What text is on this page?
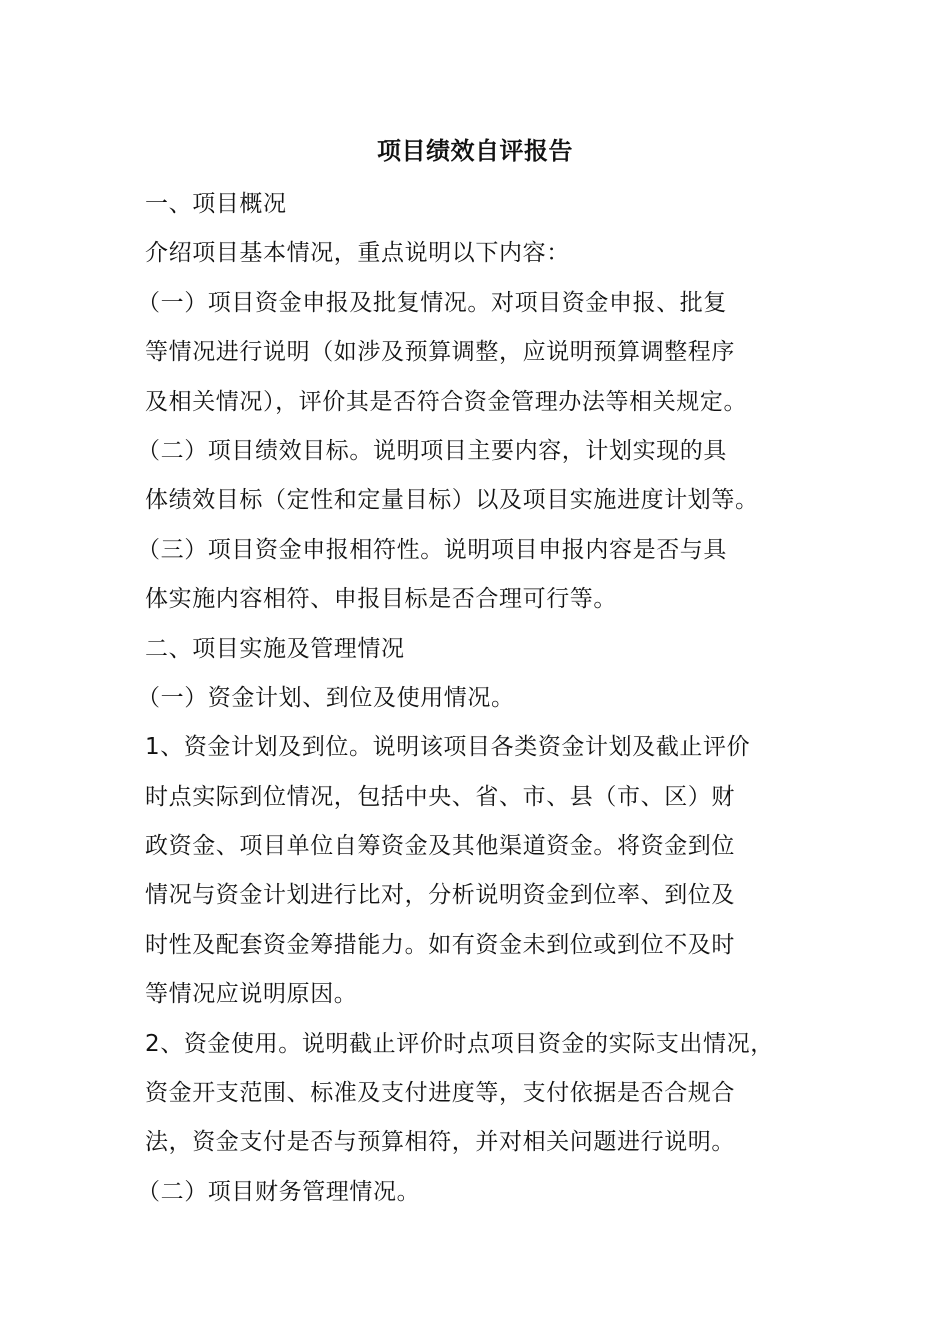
项目绩效自评报告
一、项目概况
介绍项目基本情况，重点说明以下内容：
（一）项目资金申报及批复情况。对项目资金申报、批复
等情况进行说明（如涉及预算调整，应说明预算调整程序
及相关情况），评价其是否符合资金管理办法等相关规定。
（二）项目绩效目标。说明项目主要内容，计划实现的具
体绩效目标（定性和定量目标）以及项目实施进度计划等。
（三）项目资金申报相符性。说明项目申报内容是否与具
体实施内容相符、申报目标是否合理可行等。
二、项目实施及管理情况
（一）资金计划、到位及使用情况。
1、资金计划及到位。说明该项目各类资金计划及截止评价
时点实际到位情况，包括中央、省、市、县（市、区）财
政资金、项目单位自筹资金及其他渠道资金。将资金到位
情况与资金计划进行比对，分析说明资金到位率、到位及
时性及配套资金筹措能力。如有资金未到位或到位不及时
等情况应说明原因。
2、资金使用。说明截止评价时点项目资金的实际支出情况，
资金开支范围、标准及支付进度等，支付依据是否合规合
法，资金支付是否与预算相符，并对相关问题进行说明。
（二）项目财务管理情况。
